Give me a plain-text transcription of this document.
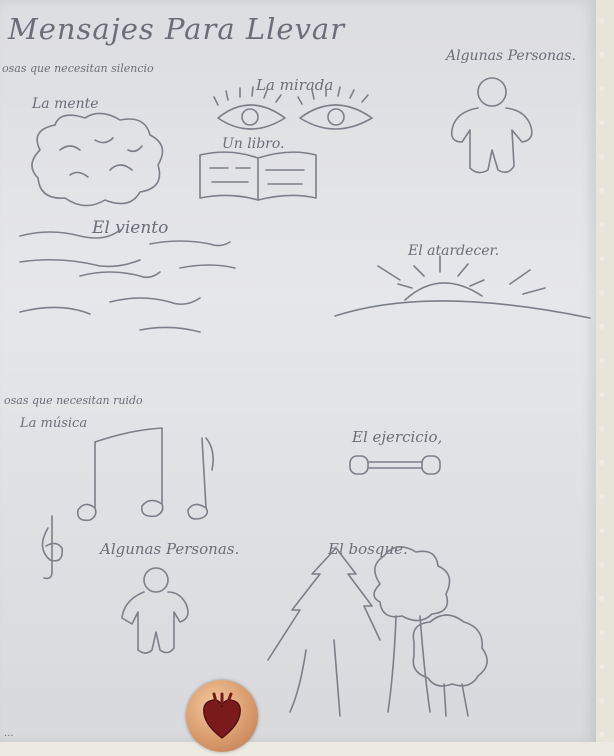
Mensajes Para Llevar
osas que necesitan silencio
La mente
La mirada
Un libro.
Algunas Personas.
El viento
El atardecer.
osas que necesitan ruido
La música
El ejercicio,
Algunas Personas.	El bosque.
...
